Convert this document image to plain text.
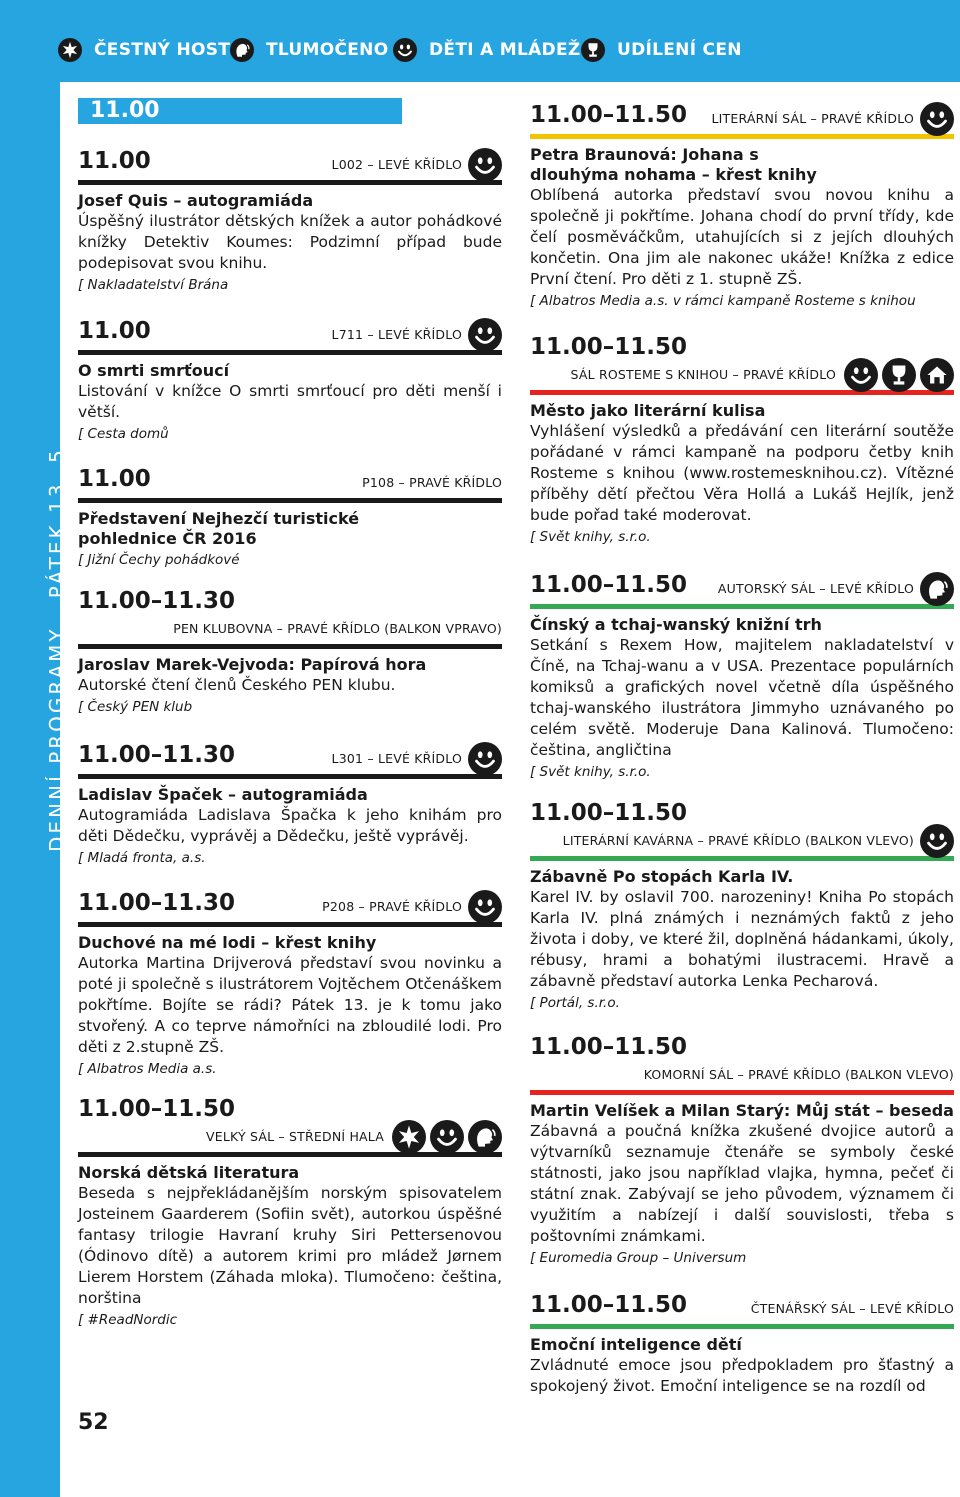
ČESTNÝ HOST TLUMOČENO DĚTI A MLÁDEŽ UDÍLENÍ CEN
DENNÍ PROGRAMY   PÁTEK 13. 5.
11.00
11.00	L002 – LEVÉ KŘÍDLO
Josef Quis – autogramiáda
Úspěšný ilustrátor dětských knížek a autor pohádkové knížky Detektiv Koumes: Podzimní případ bude podepisovat svou knihu.
[ Nakladatelství Brána
11.00	L711 – LEVÉ KŘÍDLO
O smrti smrťoucí
Listování v knížce O smrti smrťoucí pro děti menší i větší.
[ Cesta domů
11.00	P108 – PRAVÉ KŘÍDLO
Představení Nejhezčí turistické pohlednice ČR 2016
[ Jižní Čechy pohádkové
11.00–11.30
PEN KLUBOVNA – PRAVÉ KŘÍDLO (BALKON VPRAVO)
Jaroslav Marek-Vejvoda: Papírová hora
Autorské čtení členů Českého PEN klubu.
[ Český PEN klub
11.00–11.30	L301 – LEVÉ KŘÍDLO
Ladislav Špaček – autogramiáda
Autogramiáda Ladislava Špačka k jeho knihám pro děti Dědečku, vyprávěj a Dědečku, ještě vyprávěj.
[ Mladá fronta, a.s.
11.00–11.30	P208 – PRAVÉ KŘÍDLO
Duchové na mé lodi – křest knihy
Autorka Martina Drijverová představí svou novinku a poté ji společně s ilustrátorem Vojtěchem Otčenáškem pokřtíme. Bojíte se rádi? Pátek 13. je k tomu jako stvořený. A co teprve námořníci na zbloudilé lodi. Pro děti z 2.stupně ZŠ.
[ Albatros Media a.s.
11.00–11.50
VELKÝ SÁL – STŘEDNÍ HALA
Norská dětská literatura
Beseda s nejpřekládanějším norským spisovatelem Josteinem Gaarderem (Sofiin svět), autorkou úspěšné fantasy trilogie Havraní kruhy Siri Pettersenovou (Ódinovo dítě) a autorem krimi pro mládež Jørnem Lierem Horstem (Záhada mloka). Tlumočeno: čeština, norština
[ #ReadNordic
52
11.00–11.50 LITERÁRNÍ SÁL – PRAVÉ KŘÍDLO
Petra Braunová: Johana s dlouhýma nohama – křest knihy
Oblíbená autorka představí svou novou knihu a společně ji pokřtíme. Johana chodí do první třídy, kde čelí posměváčkům, utahujících si z jejích dlouhých končetin. Ona jim ale nakonec ukáže! Knížka z edice První čtení. Pro děti z 1. stupně ZŠ.
[ Albatros Media a.s. v rámci kampaně Rosteme s knihou
11.00–11.50
SÁL ROSTEME S KNIHOU – PRAVÉ KŘÍDLO
Město jako literární kulisa
Vyhlášení výsledků a předávání cen literární soutěže pořádané v rámci kampaně na podporu četby knih Rosteme s knihou (www.rostemesknihou.cz). Vítězné příběhy dětí přečtou Věra Hollá a Lukáš Hejlík, jenž bude pořad také moderovat.
[ Svět knihy, s.r.o.
11.00–11.50 AUTORSKÝ SÁL – LEVÉ KŘÍDLO
Čínský a tchaj-wanský knižní trh
Setkání s Rexem How, majitelem nakladatelství v Číně, na Tchaj-wanu a v USA. Prezentace populárních komiksů a grafických novel včetně díla úspěšného tchaj-wanského ilustrátora Jimmyho uznávaného po celém světě. Moderuje Dana Kalinová. Tlumočeno: čeština, angličtina
[ Svět knihy, s.r.o.
11.00–11.50
LITERÁRNÍ KAVÁRNA – PRAVÉ KŘÍDLO (BALKON VLEVO)
Zábavně Po stopách Karla IV.
Karel IV. by oslavil 700. narozeniny! Kniha Po stopách Karla IV. plná známých i neznámých faktů z jeho života i doby, ve které žil, doplněná hádankami, úkoly, rébusy, hrami a bohatými ilustracemi. Hravě a zábavně představí autorka Lenka Pecharová.
[ Portál, s.r.o.
11.00–11.50
KOMORNÍ SÁL – PRAVÉ KŘÍDLO (BALKON VLEVO)
Martin Velíšek a Milan Starý: Můj stát – beseda
Zábavná a poučná knížka zkušené dvojice autorů a výtvarníků seznamuje čtenáře se symboly české státnosti, jako jsou například vlajka, hymna, pečeť či státní znak. Zabývají se jeho původem, významem či využitím a nabízejí i další souvislosti, třeba s poštovními známkami.
[ Euromedia Group – Universum
11.00–11.50	ČTENÁŘSKÝ SÁL – LEVÉ KŘÍDLO
Emoční inteligence dětí
Zvládnuté emoce jsou předpokladem pro šťastný a spokojený život. Emoční inteligence se na rozdíl od
